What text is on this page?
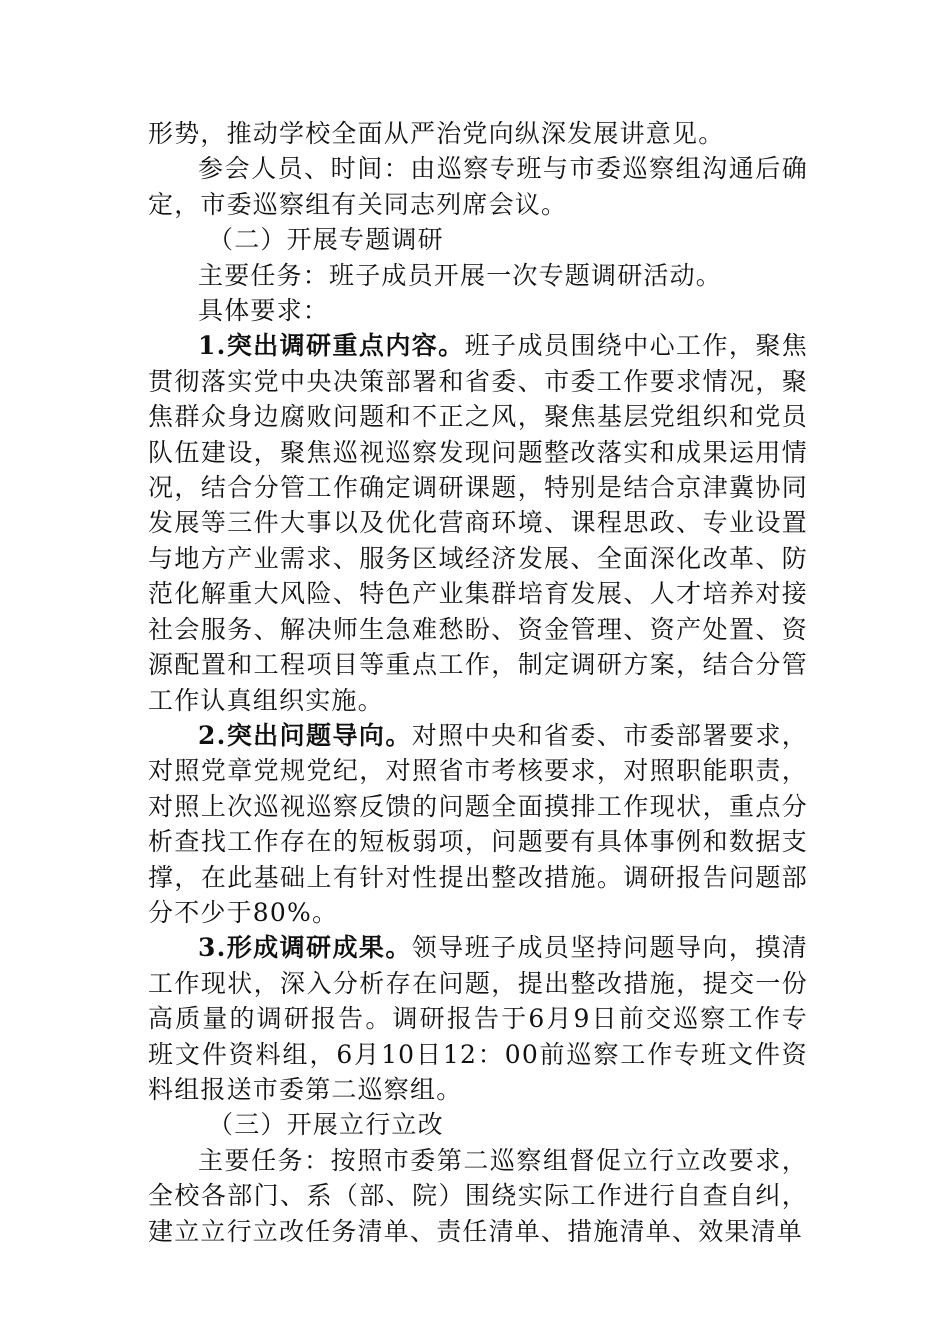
形势，推动学校全面从严治党向纵深发展讲意见。

参会人员、时间：由巡察专班与市委巡察组沟通后确定，市委巡察组有关同志列席会议。

（二）开展专题调研

主要任务：班子成员开展一次专题调研活动。

具体要求：

1.突出调研重点内容。班子成员围绕中心工作，聚焦贯彻落实党中央决策部署和省委、市委工作要求情况，聚焦群众身边腐败问题和不正之风，聚焦基层党组织和党员队伍建设，聚焦巡视巡察发现问题整改落实和成果运用情况，结合分管工作确定调研课题，特别是结合京津冀协同发展等三件大事以及优化营商环境、课程思政、专业设置与地方产业需求、服务区域经济发展、全面深化改革、防范化解重大风险、特色产业集群培育发展、人才培养对接社会服务、解决师生急难愁盼、资金管理、资产处置、资源配置和工程项目等重点工作，制定调研方案，结合分管工作认真组织实施。

2.突出问题导向。对照中央和省委、市委部署要求，对照党章党规党纪，对照省市考核要求，对照职能职责，对照上次巡视巡察反馈的问题全面摸排工作现状，重点分析查找工作存在的短板弱项，问题要有具体事例和数据支撑，在此基础上有针对性提出整改措施。调研报告问题部分不少于80%。

3.形成调研成果。领导班子成员坚持问题导向，摸清工作现状，深入分析存在问题，提出整改措施，提交一份高质量的调研报告。调研报告于6月9日前交巡察工作专班文件资料组，6月10日12：00前巡察工作专班文件资料组报送市委第二巡察组。

（三）开展立行立改

主要任务：按照市委第二巡察组督促立行立改要求，全校各部门、系（部、院）围绕实际工作进行自查自纠，建立立行立改任务清单、责任清单、措施清单、效果清单
